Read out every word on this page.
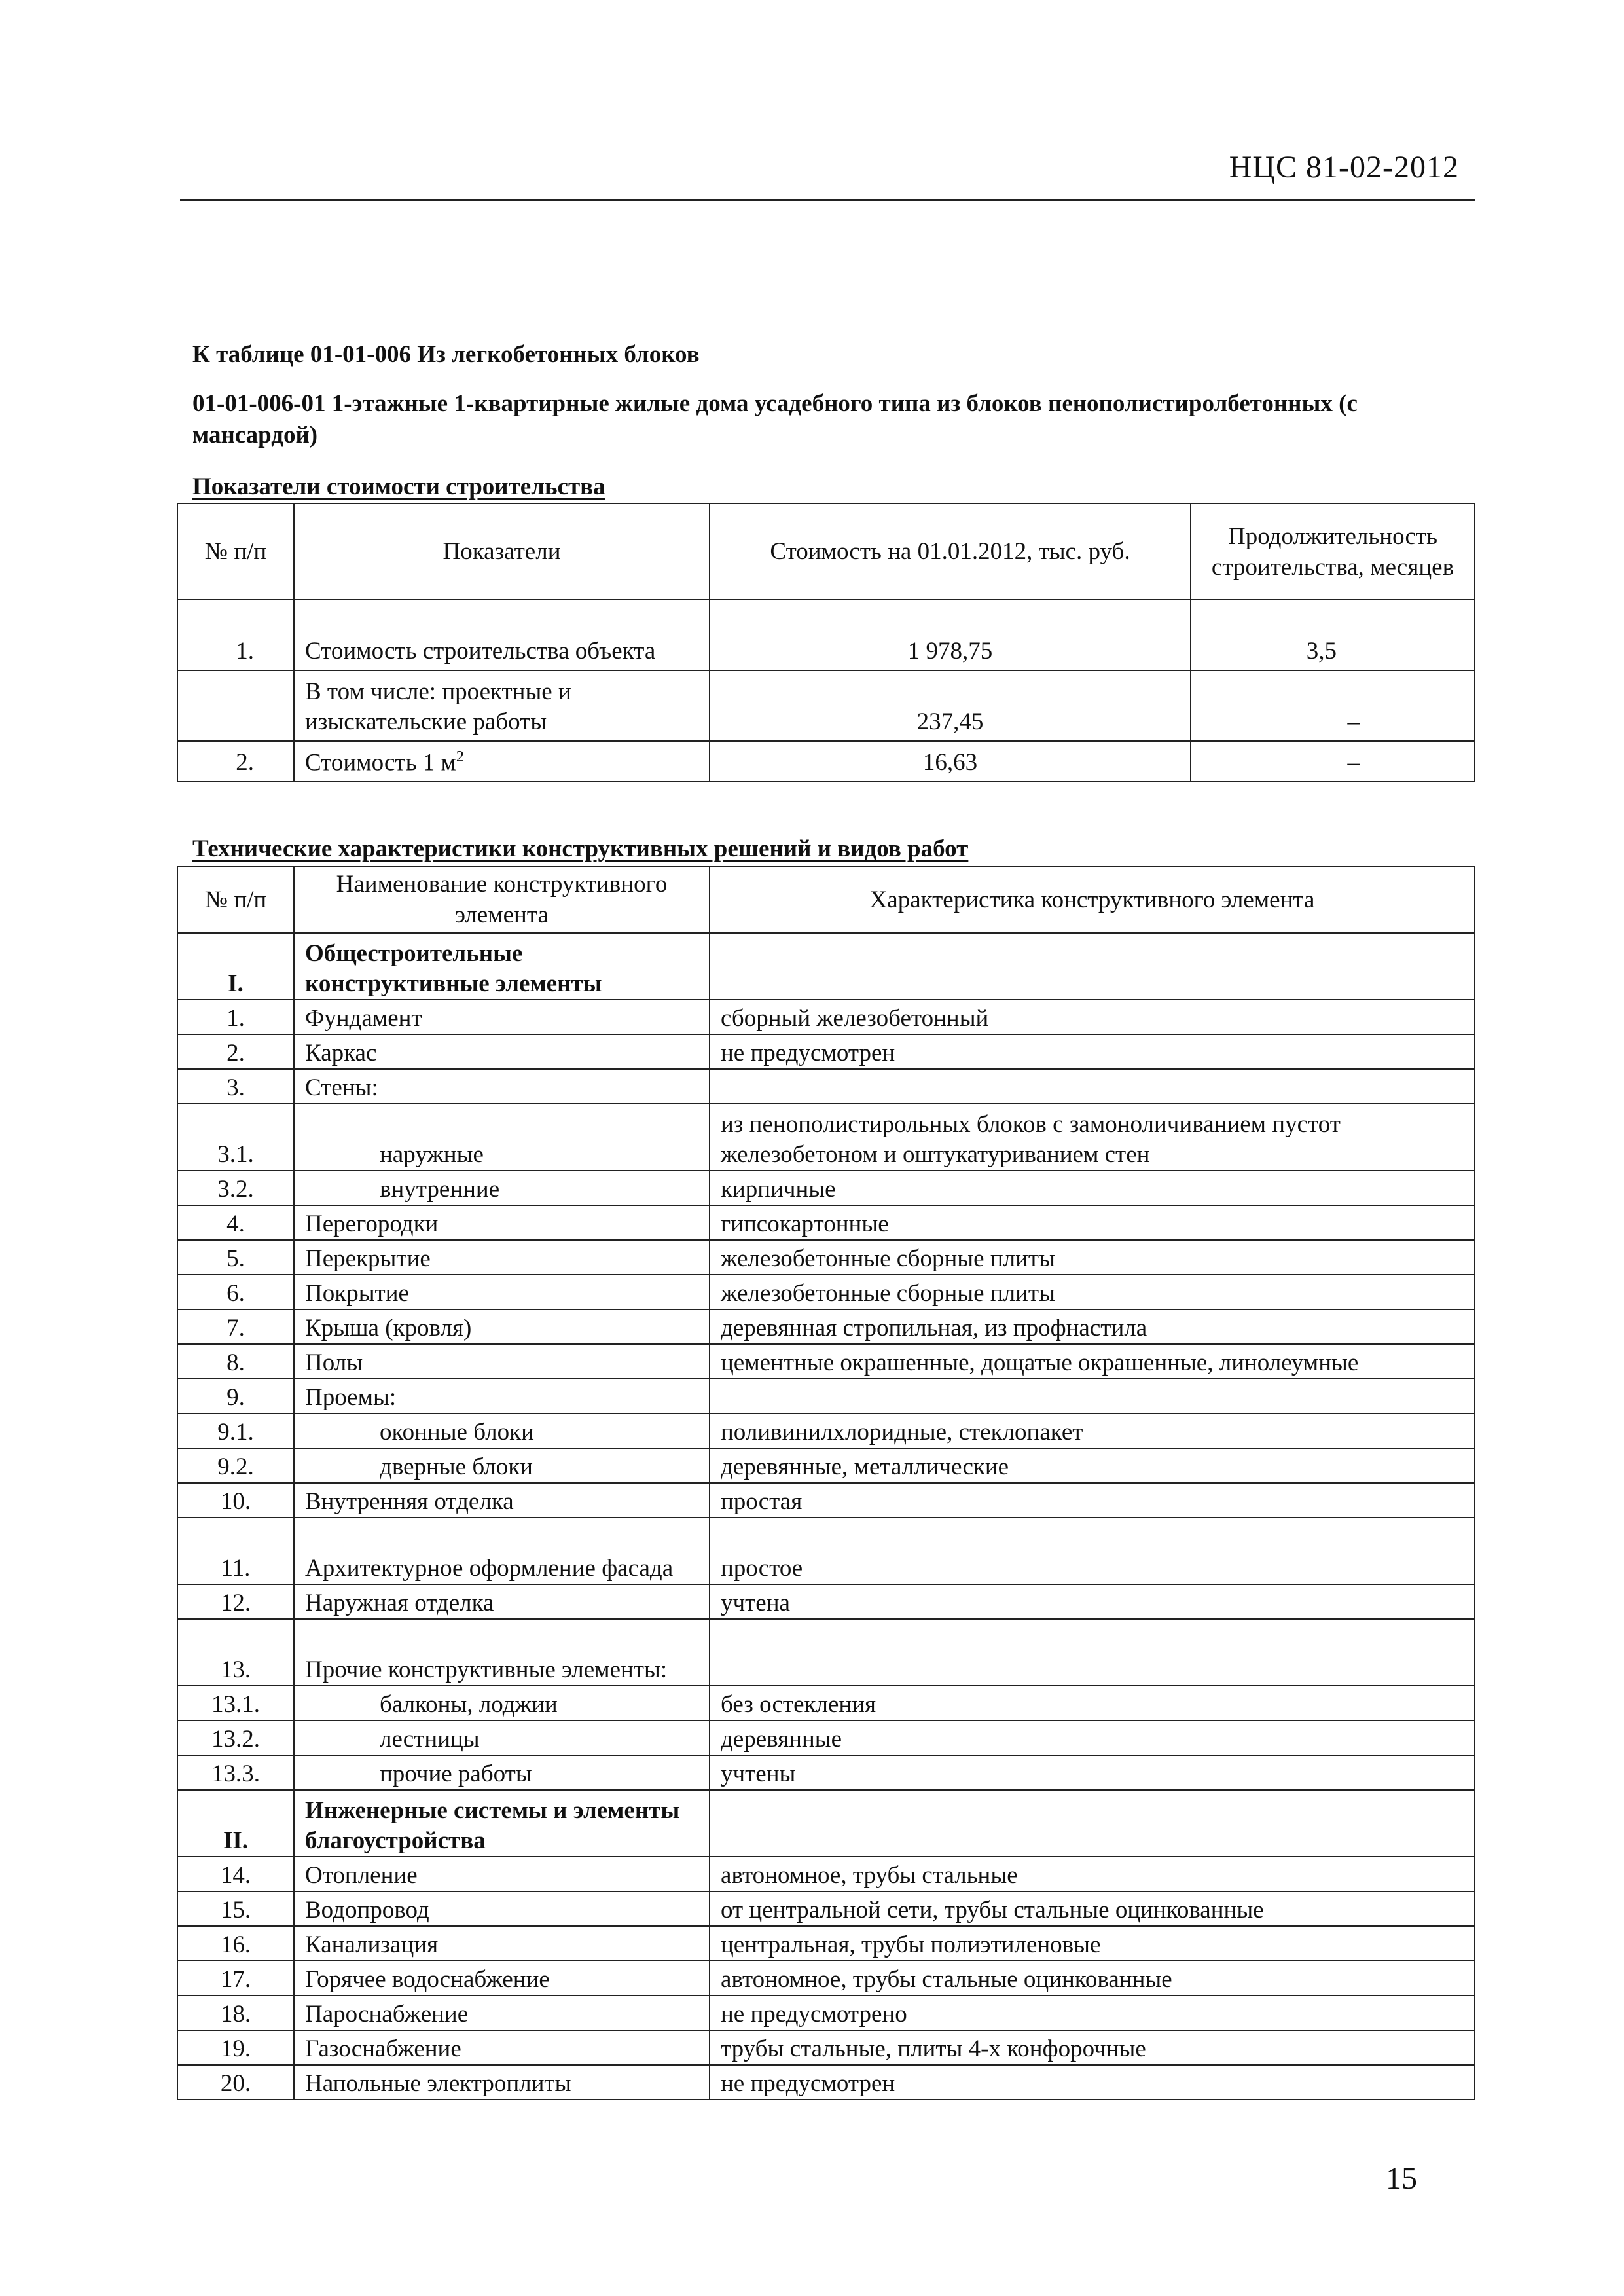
НЦС 81-02-2012
К таблице 01-01-006 Из легкобетонных блоков
01-01-006-01 1-этажные 1-квартирные жилые дома усадебного типа из блоков пенополистиролбетонных (с мансардой)
Показатели стоимости строительства
№ п/п	Показатели	Стоимость на 01.01.2012, тыс. руб.	Продолжительность строительства, месяцев
1.	Стоимость строительства объекта	1 978,75	3,5
	В том числе: проектные и изыскательские работы	237,45	–
2.	Стоимость 1 $м^2$	16,63	–
Технические характеристики конструктивных решений и видов работ
№ п/п	Наименование конструктивного элемента	Характеристика конструктивного элемента
I.	Общестроительные конструктивные элементы	
1.	Фундамент	сборный железобетонный
2.	Каркас	не предусмотрен
3.	Стены:	
3.1.	наружные	из пенополистирольных блоков с замоноличиванием пустот железобетоном и оштукатуриванием стен
3.2.	внутренние	кирпичные
4.	Перегородки	гипсокартонные
5.	Перекрытие	железобетонные сборные плиты
6.	Покрытие	железобетонные сборные плиты
7.	Крыша (кровля)	деревянная стропильная, из профнастила
8.	Полы	цементные окрашенные, дощатые окрашенные, линолеумные
9.	Проемы:	
9.1.	оконные блоки	поливинилхлоридные, стеклопакет
9.2.	дверные блоки	деревянные, металлические
10.	Внутренняя отделка	простая
11.	Архитектурное оформление фасада	простое
12.	Наружная отделка	учтена
13.	Прочие конструктивные элементы:	
13.1.	балконы, лоджии	без остекления
13.2.	лестницы	деревянные
13.3.	прочие работы	учтены
II.	Инженерные системы и элементы благоустройства	
14.	Отопление	автономное, трубы стальные
15.	Водопровод	от центральной сети, трубы стальные оцинкованные
16.	Канализация	центральная, трубы полиэтиленовые
17.	Горячее водоснабжение	автономное, трубы стальные оцинкованные
18.	Пароснабжение	не предусмотрено
19.	Газоснабжение	трубы стальные, плиты 4-х конфорочные
20.	Напольные электроплиты	не предусмотрен
15
